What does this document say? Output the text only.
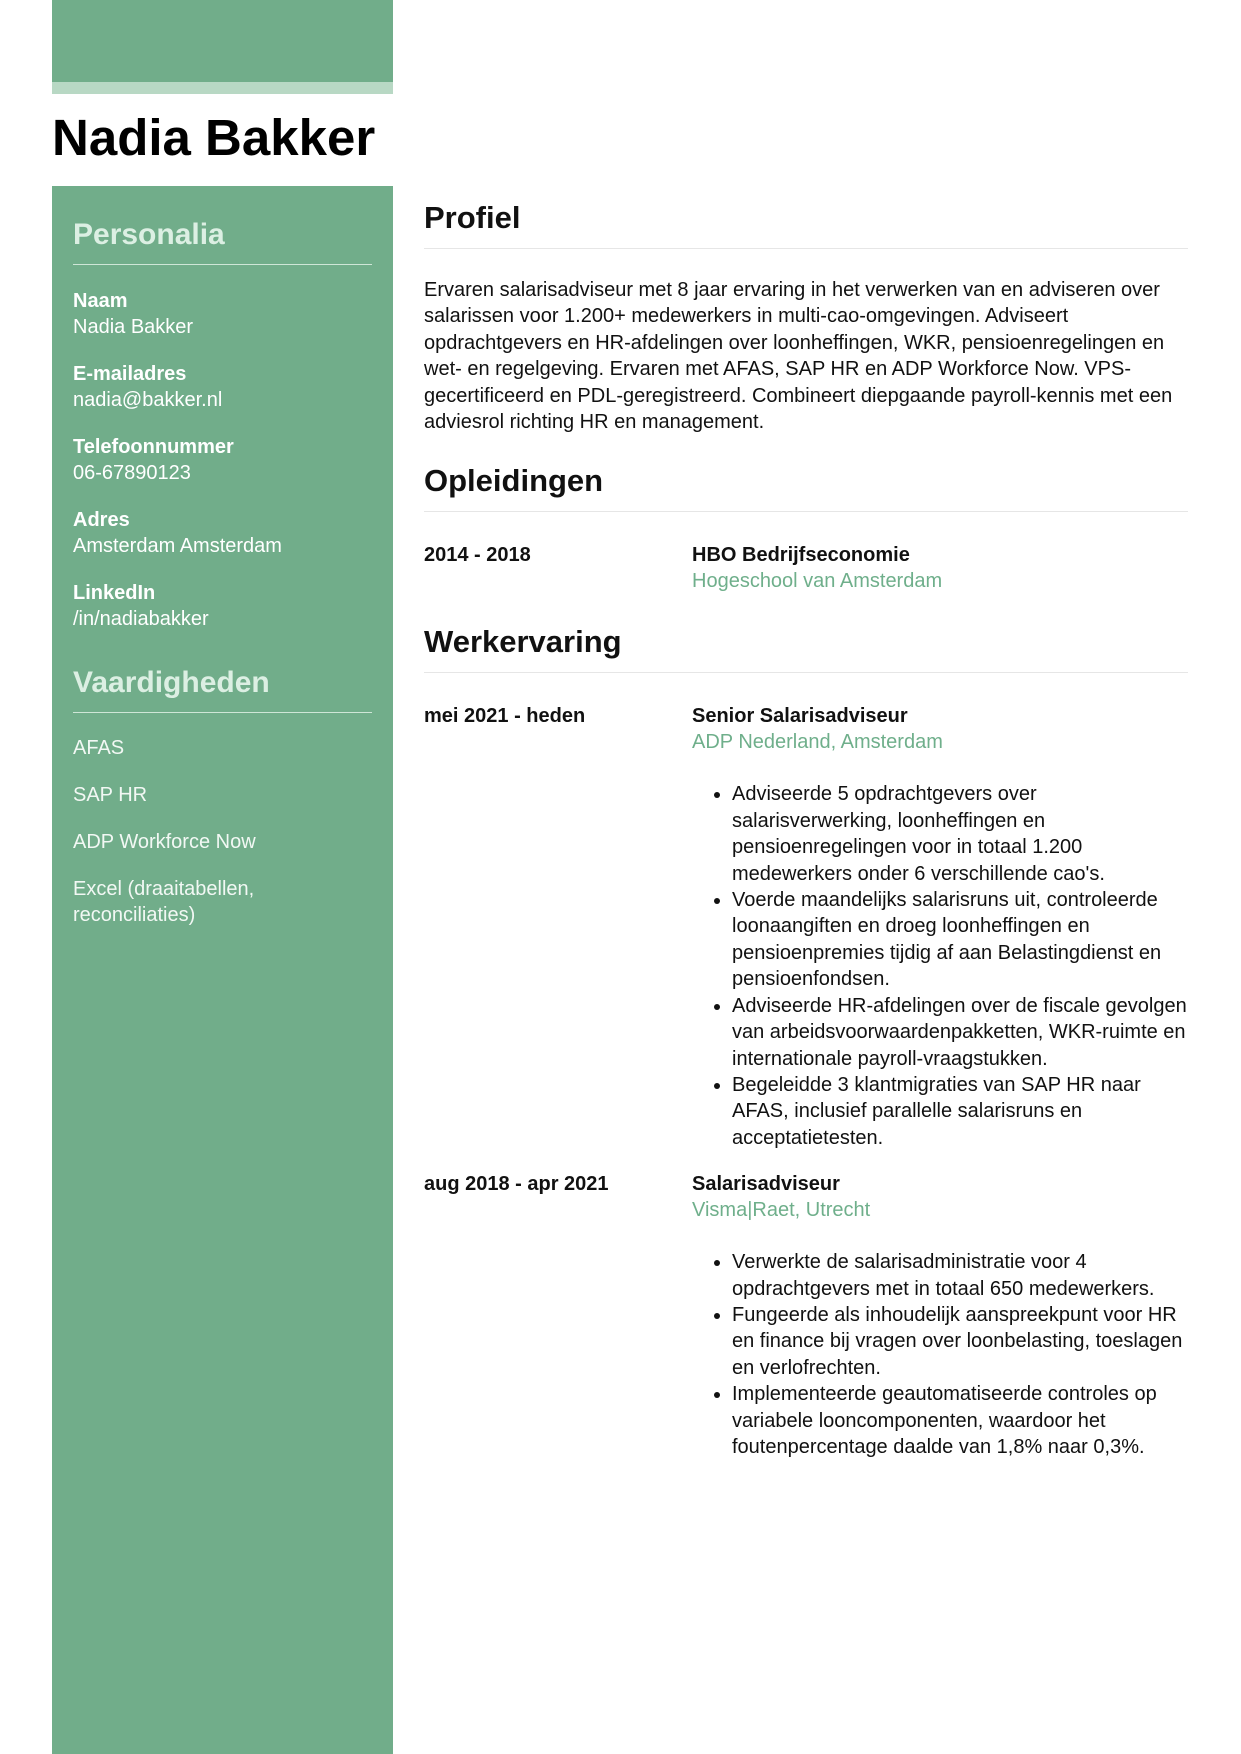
Nadia Bakker
Personalia
Naam
Nadia Bakker
E-mailadres
nadia@bakker.nl
Telefoonnummer
06-67890123
Adres
Amsterdam Amsterdam
LinkedIn
/in/nadiabakker
Vaardigheden
AFAS
SAP HR
ADP Workforce Now
Excel (draaitabellen, reconciliaties)
Profiel

Ervaren salarisadviseur met 8 jaar ervaring in het verwerken van en adviseren over salarissen voor 1.200+ medewerkers in multi-cao-omgevingen. Adviseert opdrachtgevers en HR-afdelingen over loonheffingen, WKR, pensioenregelingen en wet- en regelgeving. Ervaren met AFAS, SAP HR en ADP Workforce Now. VPS-gecertificeerd en PDL-geregistreerd. Combineert diepgaande payroll-kennis met een adviesrol richting HR en management.

Opleidingen
2014 - 2018	HBO Bedrijfseconomie
Hogeschool van Amsterdam
Werkervaring
mei 2021 - heden	Senior Salarisadviseur
ADP Nederland, Amsterdam
• Adviseerde 5 opdrachtgevers over salarisverwerking, loonheffingen en pensioenregelingen voor in totaal 1.200 medewerkers onder 6 verschillende cao's.
• Voerde maandelijks salarisruns uit, controleerde loonaangiften en droeg loonheffingen en pensioenpremies tijdig af aan Belastingdienst en pensioenfondsen.
• Adviseerde HR-afdelingen over de fiscale gevolgen van arbeidsvoorwaardenpakketten, WKR-ruimte en internationale payroll-vraagstukken.
• Begeleidde 3 klantmigraties van SAP HR naar AFAS, inclusief parallelle salarisruns en acceptatietesten.
aug 2018 - apr 2021	Salarisadviseur
Visma|Raet, Utrecht
• Verwerkte de salarisadministratie voor 4 opdrachtgevers met in totaal 650 medewerkers.
• Fungeerde als inhoudelijk aanspreekpunt voor HR en finance bij vragen over loonbelasting, toeslagen en verlofrechten.
• Implementeerde geautomatiseerde controles op variabele looncomponenten, waardoor het foutenpercentage daalde van 1,8% naar 0,3%.
